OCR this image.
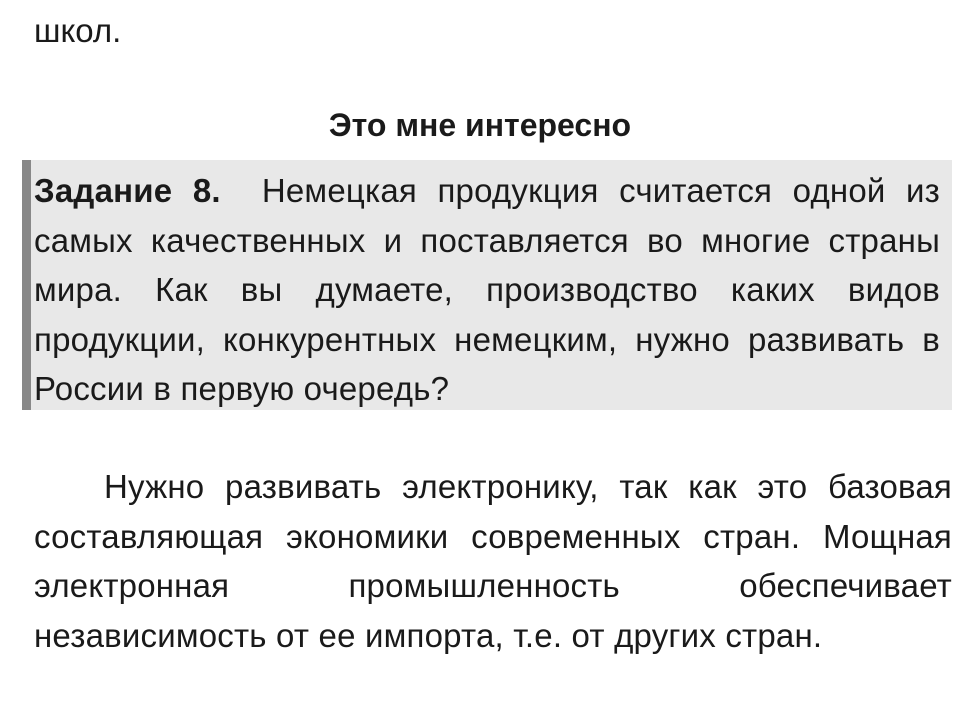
школ.

Это мне интересно

Задание 8. Немецкая продукция считается одной из самых качественных и поставляется во многие страны мира. Как вы думаете, производство каких видов продукции, конкурентных немецким, нужно развивать в России в первую очередь?

Нужно развивать электронику, так как это базовая составляющая экономики современных стран. Мощная электронная промышленность обеспечивает независимость от ее импорта, т.е. от других стран.
